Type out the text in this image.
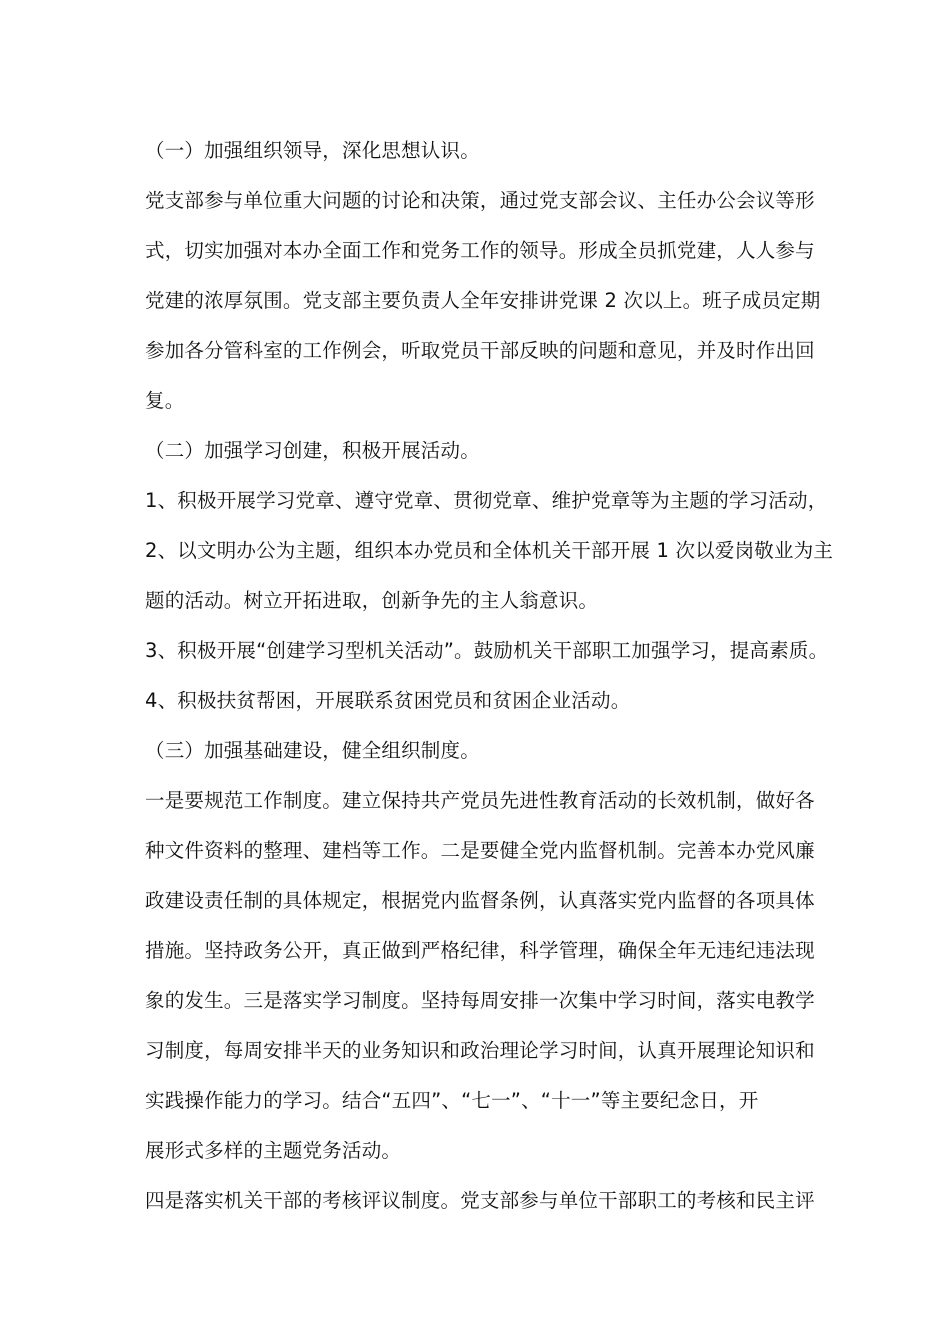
（一）加强组织领导，深化思想认识。
党支部参与单位重大问题的讨论和决策，通过党支部会议、主任办公会议等形
式，切实加强对本办全面工作和党务工作的领导。形成全员抓党建，人人参与
党建的浓厚氛围。党支部主要负责人全年安排讲党课 2 次以上。班子成员定期
参加各分管科室的工作例会，听取党员干部反映的问题和意见，并及时作出回
复。
（二）加强学习创建，积极开展活动。
1、积极开展学习党章、遵守党章、贯彻党章、维护党章等为主题的学习活动，
2、以文明办公为主题，组织本办党员和全体机关干部开展 1 次以爱岗敬业为主
题的活动。树立开拓进取，创新争先的主人翁意识。
3、积极开展“创建学习型机关活动”。鼓励机关干部职工加强学习，提高素质。
4、积极扶贫帮困，开展联系贫困党员和贫困企业活动。
（三）加强基础建设，健全组织制度。
一是要规范工作制度。建立保持共产党员先进性教育活动的长效机制，做好各
种文件资料的整理、建档等工作。二是要健全党内监督机制。完善本办党风廉
政建设责任制的具体规定，根据党内监督条例，认真落实党内监督的各项具体
措施。坚持政务公开，真正做到严格纪律，科学管理，确保全年无违纪违法现
象的发生。三是落实学习制度。坚持每周安排一次集中学习时间，落实电教学
习制度，每周安排半天的业务知识和政治理论学习时间，认真开展理论知识和
实践操作能力的学习。结合“五四”、“七一”、“十一”等主要纪念日，开
展形式多样的主题党务活动。
四是落实机关干部的考核评议制度。党支部参与单位干部职工的考核和民主评
